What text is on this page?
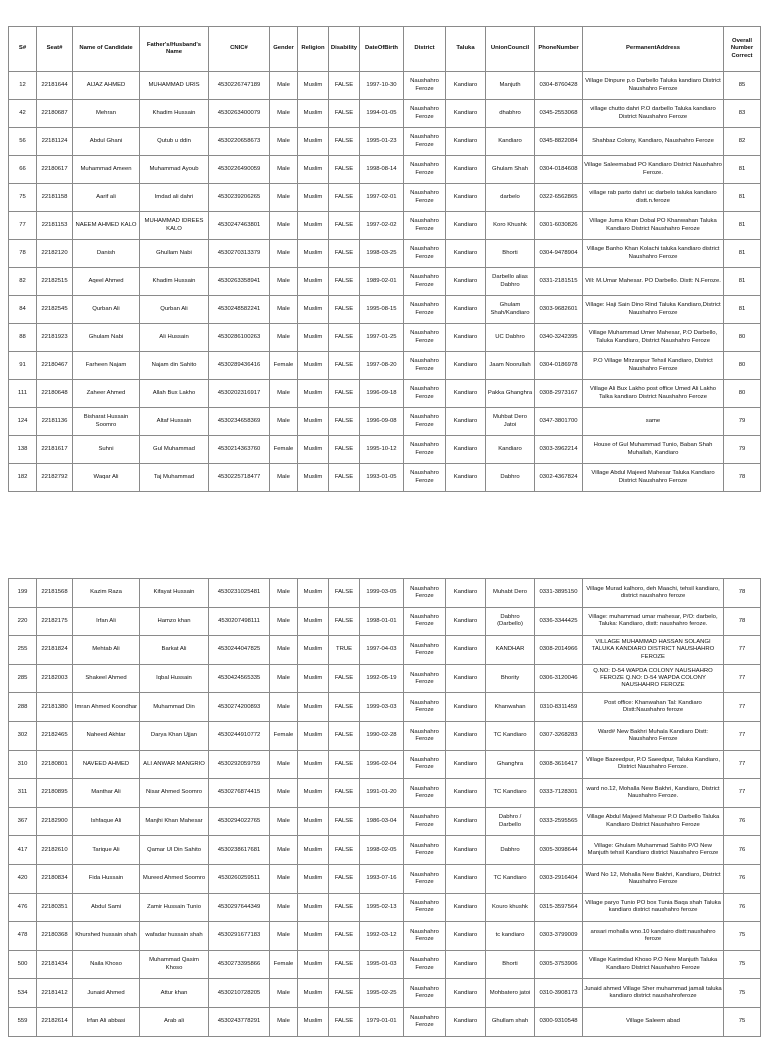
S#	Seat#	Name of Candidate	Father's/Husband's Name	CNIC#	Gender	Religion	Disability	DateOfBirth	District	Taluka	UnionCouncil	PhoneNumber	PermanentAddress	Overall Number Correct
12	22181644	AIJAZ AHMED	MUHAMMAD URIS	4530226747189	Male	Muslim	FALSE	1997-10-30	Naushahro Feroze	Kandiaro	Manjuth	0304-8760428	Village Dinpure p.o Darbello Taluka kandiaro District Naushahro Feroze	85
42	22180687	Mehran	Khadim Hussain	4530263400079	Male	Muslim	FALSE	1994-01-05	Naushahro Feroze	Kandiaro	dhabhro	0345-2553068	village chutto dahri P.O darbello Taluka kandiaro District Naushahro Feroze	83
56	22181124	Abdul Ghani	Qutub u ddin	4530220658673	Male	Muslim	FALSE	1995-01-23	Naushahro Feroze	Kandiaro	Kandiaro	0345-8822084	Shahbaz Colony, Kandiaro, Naushahro Feroze	82
66	22180617	Muhammad Ameen	Muhammad Ayoub	4530226490059	Male	Muslim	FALSE	1998-08-14	Naushahro Feroze	Kandiaro	Ghulam Shah	0304-0184608	Village Saleemabad PO Kandiaro District Naushahro Feroze.	81
75	22181158	Aarif ali	Imdad ali dahri	4530239206265	Male	Muslim	FALSE	1997-02-01	Naushahro Feroze	Kandiaro	darbelo	0322-6562865	village rab parto dahri uc darbelo taluka kandiaro distt.n.feroze	81
77	22181153	NAEEM AHMED KALO	MUHAMMAD IDREES KALO	4530247463801	Male	Muslim	FALSE	1997-02-02	Naushahro Feroze	Kandiaro	Koro Khushk	0301-6030826	Village Juma Khan Dobal PO Khanwahan Taluka Kandiaro District Naushahro Feroze	81
78	22182120	Danish	Ghullam Nabi	4530270313379	Male	Muslim	FALSE	1998-03-25	Naushahro Feroze	Kandiaro	Bhorti	0304-9478904	Village Banho Khan Kolachi taluka kandiaro district Naushahro Feroze	81
82	22182515	Aqeel Ahmed	Khadim Hussain	4530263358941	Male	Muslim	FALSE	1989-02-01	Naushahro Feroze	Kandiaro	Darbello alias Dabhro	0331-2181515	Vill: M.Umar Mahesar. PO Darbello. Distt: N.Feroze.	81
84	22182545	Qurban Ali	Qurban Ali	4530248582241	Male	Muslim	FALSE	1995-08-15	Naushahro Feroze	Kandiaro	Ghulam Shah/Kandiaro	0303-9682601	Village: Haji Sain Dino Rind Taluka Kandiaro,District Naushahro Feroze	81
88	22181923	Ghulam Nabi	Ali Hussain	4530286100263	Male	Muslim	FALSE	1997-01-25	Naushahro Feroze	Kandiaro	UC Dabhro	0340-3242395	Village Muhammad Umer Mahesar, P.O Darbello, Taluka Kandiaro, District Naushahro Feroze	80
91	22180467	Farheen Najam	Najam din Sahito	4530289436416	Female	Muslim	FALSE	1997-08-20	Naushahro Feroze	Kandiaro	Jaam Noorullah	0304-0186978	P.O Village Mirzanpur Tehsil Kandiaro, District Naushahro Feroze	80
111	22180648	Zaheer Ahmed	Allah Bux Lakho	4530202316917	Male	Muslim	FALSE	1996-09-18	Naushahro Feroze	Kandiaro	Pakka Ghanghra	0308-2973167	Village Ali Bux Lakho post office Umed Ali Lakho Talka kandiaro District Naushahro Feroze	80
124	22181136	Bisharat Hussain Soomro	Altaf Hussain	4530234658369	Male	Muslim	FALSE	1996-09-08	Naushahro Feroze	Kandiaro	Muhbat Dero Jatoi	0347-3801700	same	79
138	22181617	Suhni	Gul Muhammad	4530214363760	Female	Muslim	FALSE	1995-10-12	Naushahro Feroze	Kandiaro	Kandiaro	0303-3962214	House of Gul Muhammad Tunio, Baban Shah Muhallah, Kandiaro	79
182	22182792	Waqar Ali	Taj Muhammad	4530225718477	Male	Muslim	FALSE	1993-01-05	Naushahro Feroze	Kandiaro	Dabhro	0302-4367824	Village Abdul Majeed Mahesar Taluka Kandiaro District Naushahro Feroze	78
199	22181568	Kazim Raza	Kifayat Hussain	4530231025481	Male	Muslim	FALSE	1999-03-05	Naushahro Feroze	Kandiaro	Muhabt Dero	0331-3895150	Village Murad kalhoro, deh Maachi, tehsil kandiaro, district naushahro feroze	78
220	22182175	Irfan Ali	Hamzo khan	4530207498111	Male	Muslim	FALSE	1998-01-01	Naushahro Feroze	Kandiaro	Dabhro (Darbello)	0336-3344425	Village: muhammad umar mahesar, P/O: darbelo, Taluka: Kandiaro, distt: naushahro feroze.	78
255	22181824	Mehtab Ali	Barkat Ali	4530244047825	Male	Muslim	TRUE	1997-04-03	Naushahro Feroze	Kandiaro	KANDHAR	0308-2014966	VILLAGE MUHAMMAD HASSAN SOLANGI TALUKA KANDIARO DISTRICT NAUSHAHRO FEROZE	77
285	22182003	Shakeel Ahmed	Iqbal Hussain	4530424565335	Male	Muslim	FALSE	1992-05-19	Naushahro Feroze	Kandiaro	Bhority	0306-3120046	Q.NO: D-54 WAPDA COLONY NAUSHAHRO FEROZE Q.NO: D-54 WAPDA COLONY NAUSHAHRO FEROZE	77
288	22181380	Imran Ahmed Koondhar	Muhammad Din	4530274200893	Male	Muslim	FALSE	1999-03-03	Naushahro Feroze	Kandiaro	Khanwahan	0310-8311459	Post office: Khanwahan Tal: Kandiaro Distt:Naushahro feroze	77
302	22182465	Naheed Akhtar	Darya Khan Ujjan	4530244910772	Female	Muslim	FALSE	1990-02-28	Naushahro Feroze	Kandiaro	TC Kandiaro	0307-3268283	Ward# New Bakhri Muhala Kandiaro Distt: Naushahro Feroze	77
310	22180801	NAVEED AHMED	ALI ANWAR MANGRIO	4530292059759	Male	Muslim	FALSE	1996-02-04	Naushahro Feroze	Kandiaro	Ghanghra	0308-3616417	Village Bazeedpur, P.O Saeedpur, Taluka Kandiaro, District Naushahro Feroze.	77
311	22180895	Manthar Ali	Nisar Ahmed Soomro	4530276874415	Male	Muslim	FALSE	1991-01-20	Naushahro Feroze	Kandiaro	TC Kandiaro	0333-7128301	ward no.12, Mohalla New Bakhri, Kandiaro, District Naushahro Feroze.	77
367	22182900	Ishfaque Ali	Manjhi Khan Mahesar	4530294022765	Male	Muslim	FALSE	1986-03-04	Naushahro Feroze	Kandiaro	Dabhro / Darbello	0333-2595565	Village Abdul Majeed Mahesar P.O Darbello Taluka Kandiaro District Naushahro Feroze	76
417	22182610	Tarique Ali	Qamar Ul Din Sahito	4530238617681	Male	Muslim	FALSE	1998-02-05	Naushahro Feroze	Kandiaro	Dabhro	0305-3098644	Village: Ghulam Muhammad Sahito P/O New Manjuth tehsil Kandiaro district Naushahro Feroze	76
420	22180834	Fida Hussain	Mureed Ahmed Soomro	4530260259511	Male	Muslim	FALSE	1993-07-16	Naushahro Feroze	Kandiaro	TC Kandiaro	0303-2916404	Ward No 12, Mohalla New Bakhri, Kandiaro, District Naushahro Feroze	76
476	22180351	Abdul Sami	Zamir Hussain Tunio	4530297644349	Male	Muslim	FALSE	1995-02-13	Naushahro Feroze	Kandiaro	Kouro khushk	0315-3597564	Village paryo Tunio PO box Tunia Baqa shah Taluka kandiaro district naushahro feroze	76
478	22180368	Khurshed hussain shah	wafadar hussain shah	4530291677183	Male	Muslim	FALSE	1992-03-12	Naushahro Feroze	Kandiaro	tc kandiaro	0303-3799009	ansari mohalla wno.10 kandairo distt:naushahro feroze	75
500	22181434	Naila Khoso	Muhammad Qasim Khoso	4530273395866	Female	Muslim	FALSE	1995-01-03	Naushahro Feroze	Kandiaro	Bhorti	0305-3753906	Village Karimdad Khoso P.O New Manjuth Taluka Kandiaro District Naushahro Feroze	75
534	22181412	Junaid Ahmed	Attur khan	4530210728205	Male	Muslim	FALSE	1995-02-25	Naushahro Feroze	Kandiaro	Mohbatero jatoi	0310-3908173	Junaid ahmed Village Sher muhammad jamali taluka kandiaro district naushahroferoze	75
559	22182614	Irfan Ali abbasi	Arab ali	4530243778291	Male	Muslim	FALSE	1979-01-01	Naushahro Feroze	Kandiaro	Ghullam shah	0300-9310548	Village Saleem abad	75
